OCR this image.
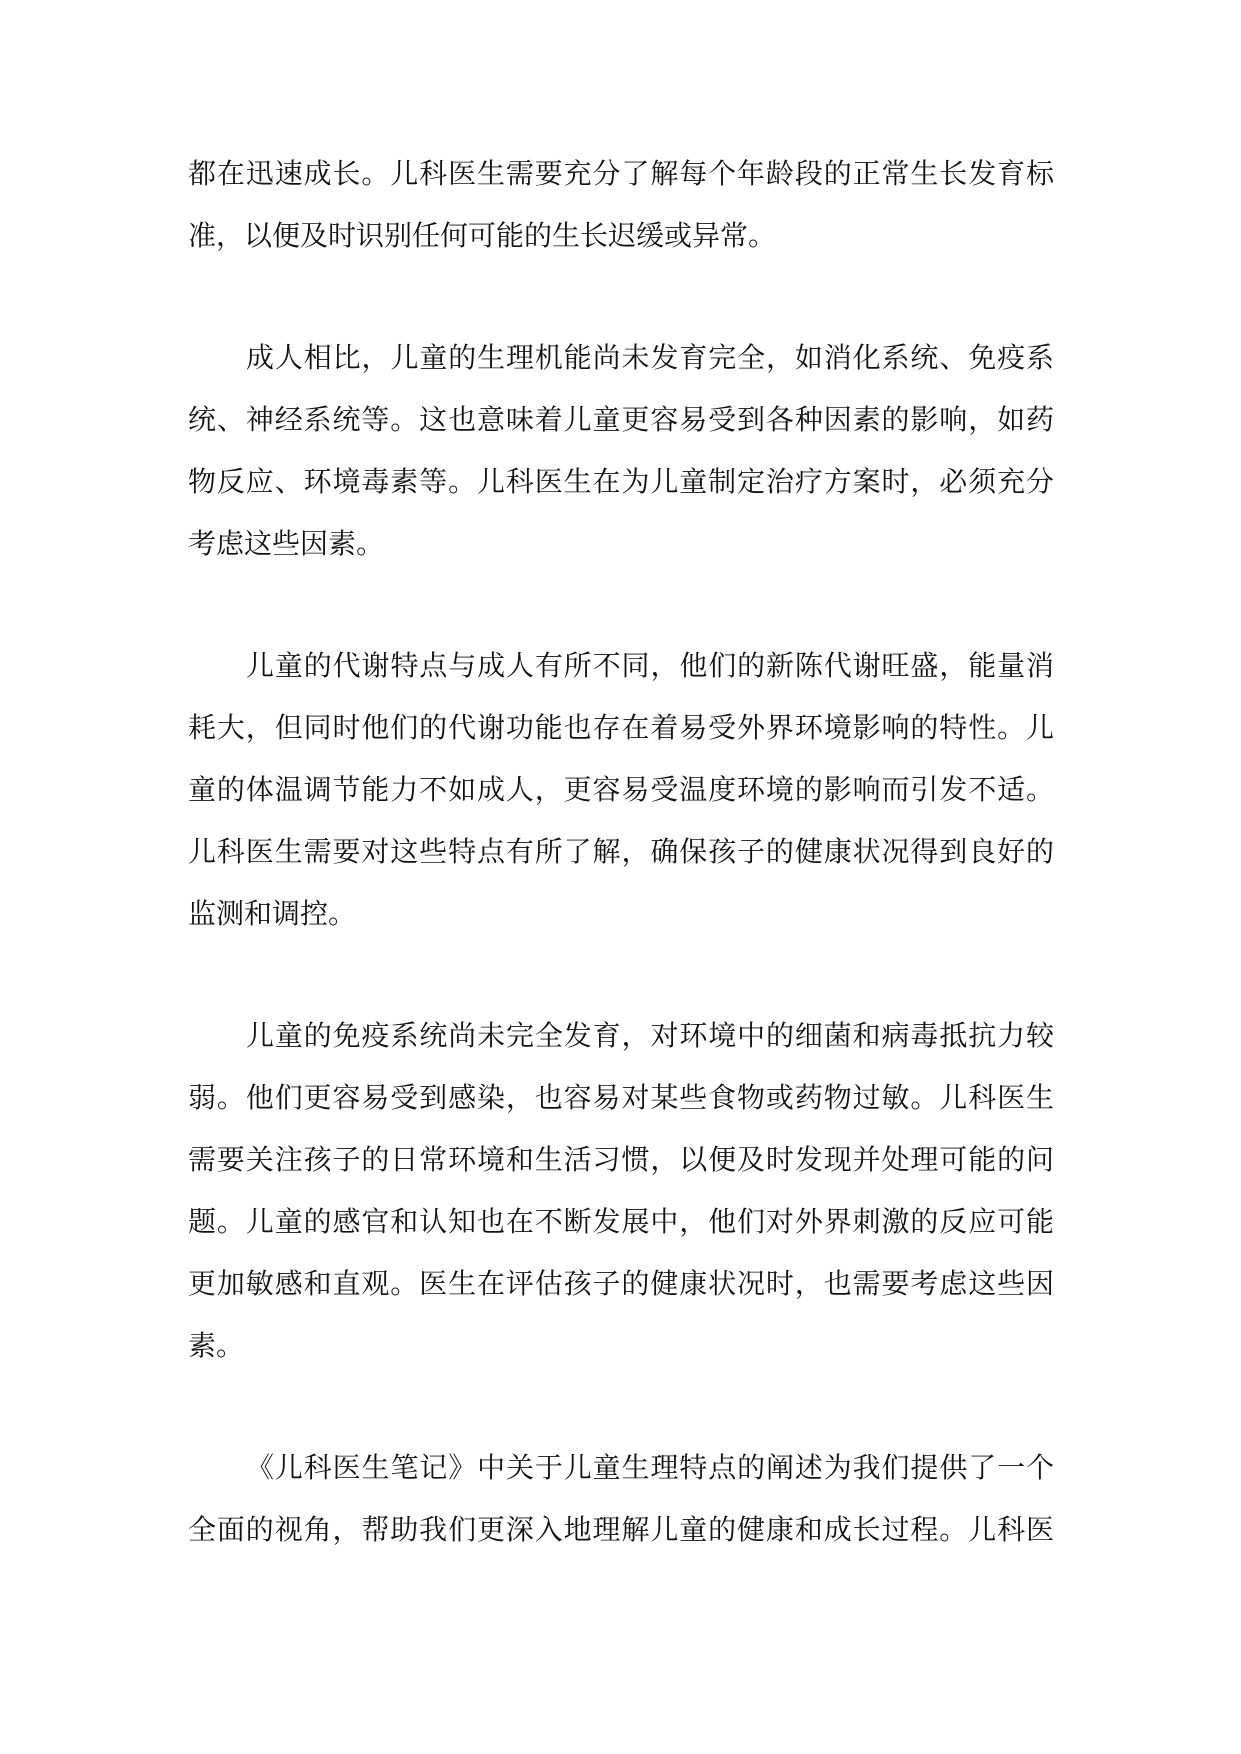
都在迅速成长。儿科医生需要充分了解每个年龄段的正常生长发育标
准，以便及时识别任何可能的生长迟缓或异常。
成人相比，儿童的生理机能尚未发育完全，如消化系统、免疫系
统、神经系统等。这也意味着儿童更容易受到各种因素的影响，如药
物反应、环境毒素等。儿科医生在为儿童制定治疗方案时，必须充分
考虑这些因素。
儿童的代谢特点与成人有所不同，他们的新陈代谢旺盛，能量消
耗大，但同时他们的代谢功能也存在着易受外界环境影响的特性。儿
童的体温调节能力不如成人，更容易受温度环境的影响而引发不适。
儿科医生需要对这些特点有所了解，确保孩子的健康状况得到良好的
监测和调控。
儿童的免疫系统尚未完全发育，对环境中的细菌和病毒抵抗力较
弱。他们更容易受到感染，也容易对某些食物或药物过敏。儿科医生
需要关注孩子的日常环境和生活习惯，以便及时发现并处理可能的问
题。儿童的感官和认知也在不断发展中，他们对外界刺激的反应可能
更加敏感和直观。医生在评估孩子的健康状况时，也需要考虑这些因
素。
《儿科医生笔记》中关于儿童生理特点的阐述为我们提供了一个
全面的视角，帮助我们更深入地理解儿童的健康和成长过程。儿科医
